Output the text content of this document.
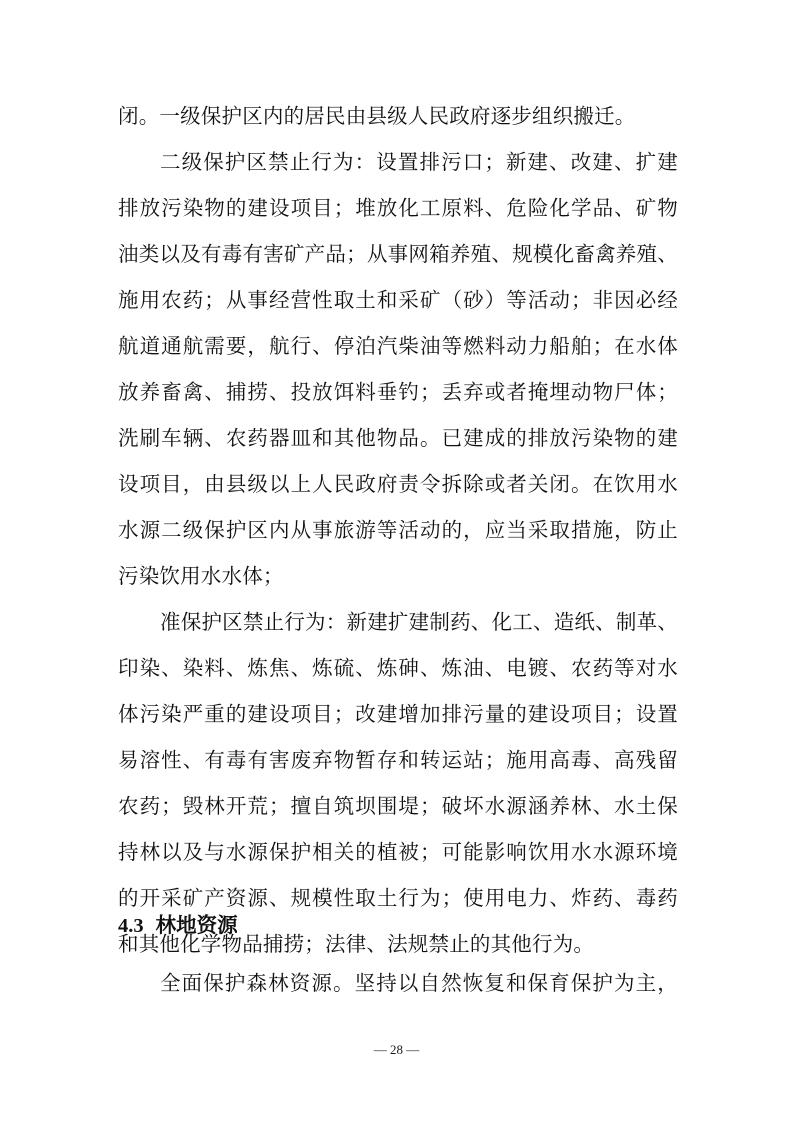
闭。一级保护区内的居民由县级人民政府逐步组织搬迁。
二级保护区禁止行为：设置排污口；新建、改建、扩建
排放污染物的建设项目；堆放化工原料、危险化学品、矿物
油类以及有毒有害矿产品；从事网箱养殖、规模化畜禽养殖、
施用农药；从事经营性取土和采矿（砂）等活动；非因必经
航道通航需要，航行、停泊汽柴油等燃料动力船舶；在水体
放养畜禽、捕捞、投放饵料垂钓；丢弃或者掩埋动物尸体；
洗刷车辆、农药器皿和其他物品。已建成的排放污染物的建
设项目，由县级以上人民政府责令拆除或者关闭。在饮用水
水源二级保护区内从事旅游等活动的，应当采取措施，防止
污染饮用水水体；
准保护区禁止行为：新建扩建制药、化工、造纸、制革、
印染、染料、炼焦、炼硫、炼砷、炼油、电镀、农药等对水
体污染严重的建设项目；改建增加排污量的建设项目；设置
易溶性、有毒有害废弃物暂存和转运站；施用高毒、高残留
农药；毁林开荒；擅自筑坝围堤；破坏水源涵养林、水土保
持林以及与水源保护相关的植被；可能影响饮用水水源环境
的开采矿产资源、规模性取土行为；使用电力、炸药、毒药
和其他化学物品捕捞；法律、法规禁止的其他行为。
4.3 林地资源
全面保护森林资源。坚持以自然恢复和保育保护为主，
— 28 —
